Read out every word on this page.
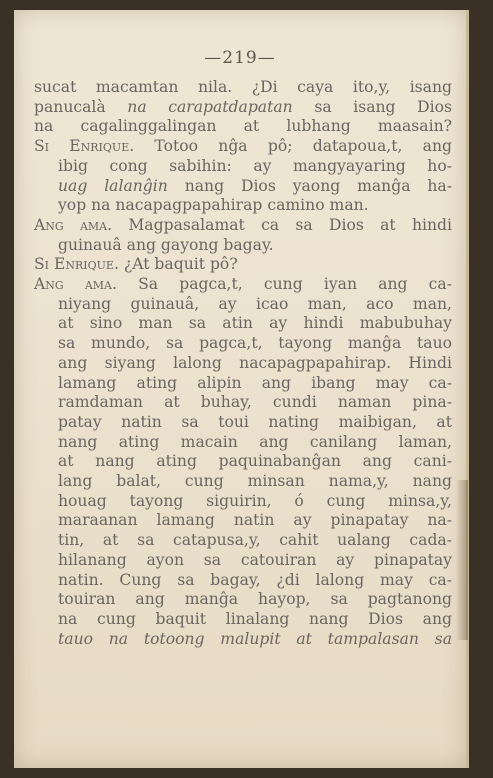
—219—
sucat macamtan nila. ¿Di caya ito,y, isang
panucalà na carapatdapatan sa isang Dios
na cagalinggalingan at lubhang maasain?
Si Enrique. Totoo nĝa pô; datapoua,t, ang
ibig cong sabihin: ay mangyayaring ho-
uag lalanĝin nang Dios yaong manĝa ha-
yop na nacapagpapahirap camino man.
Ang ama. Magpasalamat ca sa Dios at hindi
guinauâ ang gayong bagay.
Si Enrique. ¿At baquit pô?
Ang ama. Sa pagca,t, cung iyan ang ca-
niyang guinauâ, ay icao man, aco man,
at sino man sa atin ay hindi mabubuhay
sa mundo, sa pagca,t, tayong manĝa tauo
ang siyang lalong nacapagpapahirap. Hindi
lamang ating alipin ang ibang may ca-
ramdaman at buhay, cundi naman pina-
patay natin sa toui nating maibigan, at
nang ating macain ang canilang laman,
at nang ating paquinabanĝan ang cani-
lang balat, cung minsan nama,y, nang
houag tayong siguirin, ó cung minsa,y,
maraanan lamang natin ay pinapatay na-
tin, at sa catapusa,y, cahit ualang cada-
hilanang ayon sa catouiran ay pinapatay
natin. Cung sa bagay, ¿di lalong may ca-
touiran ang manĝa hayop, sa pagtanong
na cung baquit linalang nang Dios ang
tauo na totoong malupit at tampalasan sa
